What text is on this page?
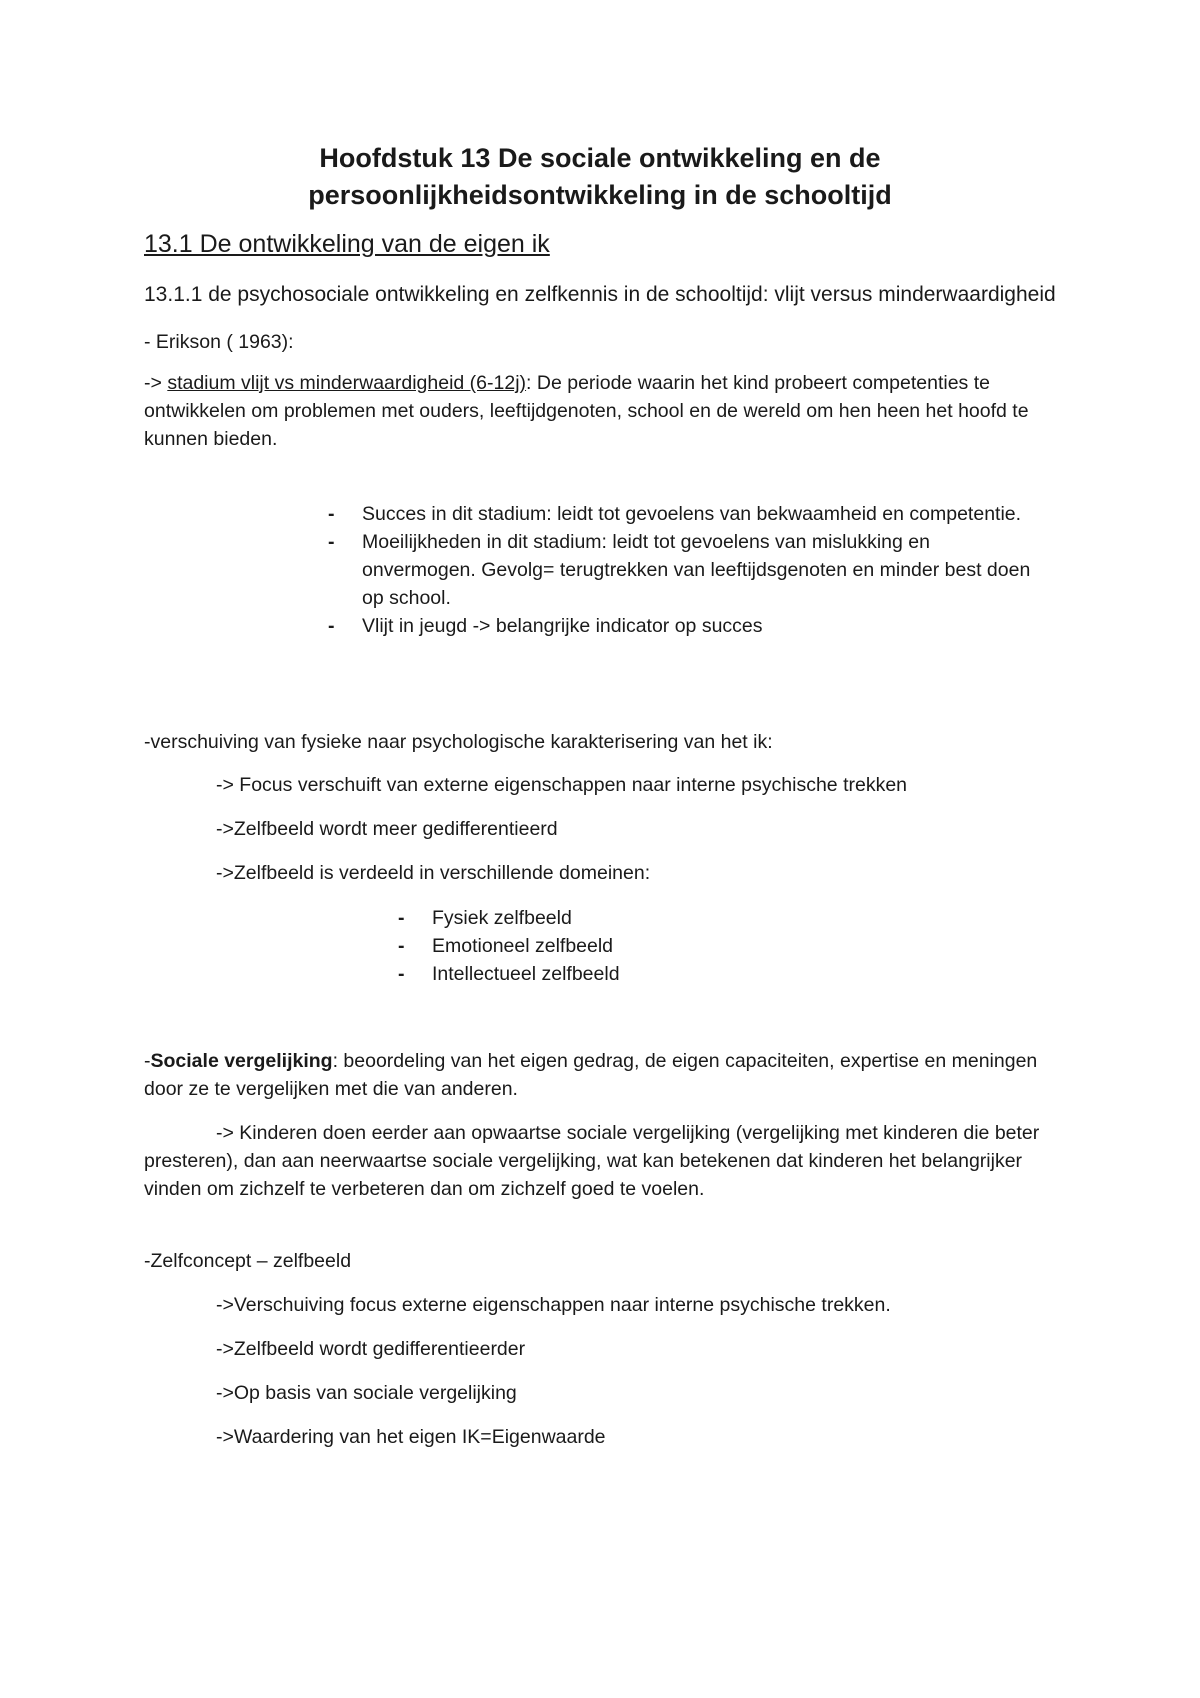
Hoofdstuk 13 De sociale ontwikkeling en de
persoonlijkheidsontwikkeling in de schooltijd
13.1 De ontwikkeling van de eigen ik

13.1.1 de psychosociale ontwikkeling en zelfkennis in de schooltijd: vlijt versus minderwaardigheid

- Erikson ( 1963):

-> stadium vlijt vs minderwaardigheid (6-12j): De periode waarin het kind probeert competenties te ontwikkelen om problemen met ouders, leeftijdgenoten, school en de wereld om hen heen het hoofd te kunnen bieden.

- Succes in dit stadium: leidt tot gevoelens van bekwaamheid en competentie.
- Moeilijkheden in dit stadium: leidt tot gevoelens van mislukking en onvermogen. Gevolg= terugtrekken van leeftijdsgenoten en minder best doen op school.
- Vlijt in jeugd -> belangrijke indicator op succes

-verschuiving van fysieke naar psychologische karakterisering van het ik:

-> Focus verschuift van externe eigenschappen naar interne psychische trekken

->Zelfbeeld wordt meer gedifferentieerd

->Zelfbeeld is verdeeld in verschillende domeinen:

- Fysiek zelfbeeld
- Emotioneel zelfbeeld
- Intellectueel zelfbeeld

-Sociale vergelijking: beoordeling van het eigen gedrag, de eigen capaciteiten, expertise en meningen door ze te vergelijken met die van anderen.

-> Kinderen doen eerder aan opwaartse sociale vergelijking (vergelijking met kinderen die beter presteren), dan aan neerwaartse sociale vergelijking, wat kan betekenen dat kinderen het belangrijker vinden om zichzelf te verbeteren dan om zichzelf goed te voelen.

-Zelfconcept – zelfbeeld

->Verschuiving focus externe eigenschappen naar interne psychische trekken.

->Zelfbeeld wordt gedifferentieerder

->Op basis van sociale vergelijking

->Waardering van het eigen IK=Eigenwaarde
